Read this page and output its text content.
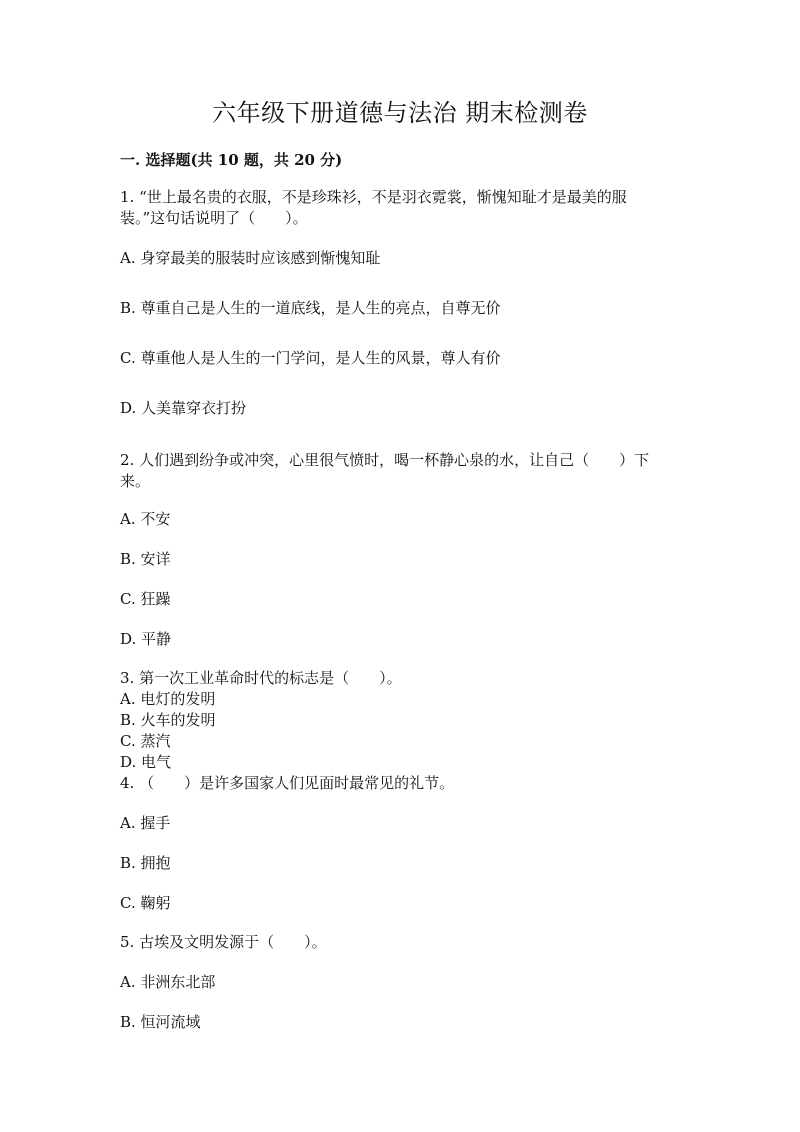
六年级下册道德与法治 期末检测卷

一. 选择题(共 10 题，共 20 分)

1. “世上最名贵的衣服，不是珍珠衫，不是羽衣霓裳，惭愧知耻才是最美的服

装。”这句话说明了（　　）。

A. 身穿最美的服装时应该感到惭愧知耻

B. 尊重自己是人生的一道底线，是人生的亮点，自尊无价

C. 尊重他人是人生的一门学问，是人生的风景，尊人有价

D. 人美靠穿衣打扮

2. 人们遇到纷争或冲突，心里很气愤时，喝一杯静心泉的水，让自己（　　）下

来。

A. 不安

B. 安详

C. 狂躁

D. 平静

3. 第一次工业革命时代的标志是（　　）。

A. 电灯的发明

B. 火车的发明

C. 蒸汽

D. 电气

4. （　　）是许多国家人们见面时最常见的礼节。

A. 握手

B. 拥抱

C. 鞠躬

5. 古埃及文明发源于（　　）。

A. 非洲东北部

B. 恒河流域
